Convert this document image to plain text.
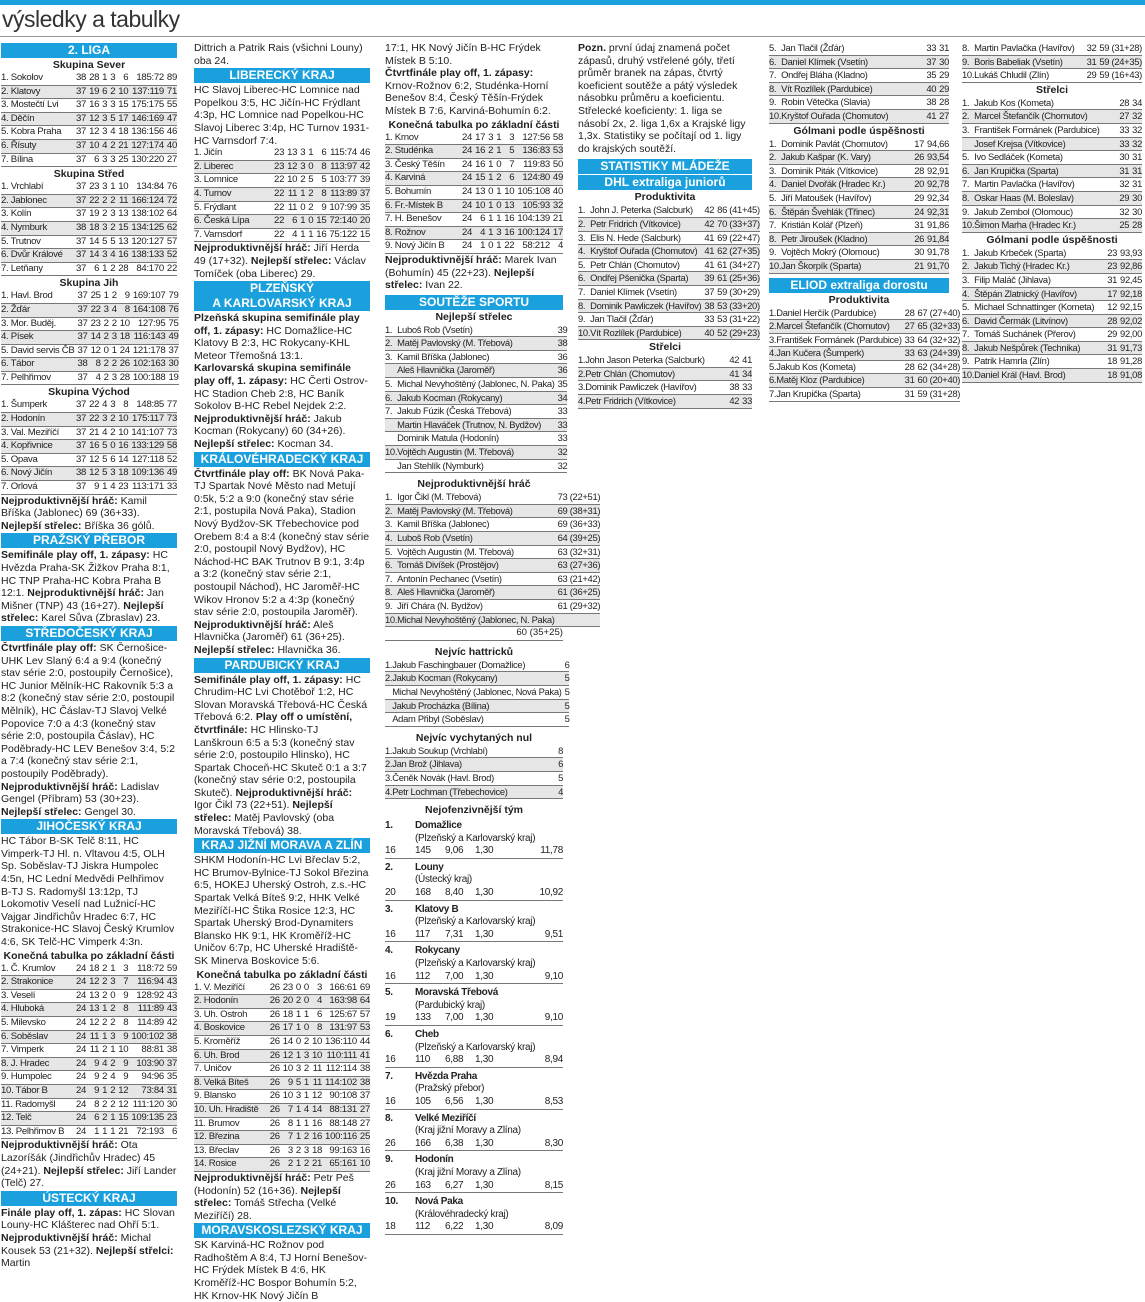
výsledky a tabulky
2. LIGA
Skupina Sever
1. Sokolov	38	28	1	3	6	185:72	89
2. Klatovy	37	19	6	2	10	137:119	71
3. Mostečtí Lvi	37	16	3	3	15	175:175	55
4. Děčín	37	12	3	5	17	146:169	47
5. Kobra Praha	37	12	3	4	18	136:156	46
6. Řísuty	37	10	4	2	21	127:174	40
7. Bílina	37	6	3	3	25	130:220	27
Skupina Střed
1. Vrchlabí	37	23	3	1	10	134:84	76
2. Jablonec	37	22	2	2	11	166:124	72
3. Kolín	37	19	2	3	13	138:102	64
4. Nymburk	38	18	3	2	15	134:125	62
5. Trutnov	37	14	5	5	13	120:127	57
6. Dvůr Králové	37	14	3	4	16	138:133	52
7. Letňany	37	6	1	2	28	84:170	22
Skupina Jih
1. Havl. Brod	37	25	1	2	9	169:107	79
2. Žďár	37	22	3	4	8	164:108	76
3. Mor. Buděj.	37	23	2	2	10	127:95	75
4. Písek	37	14	2	3	18	116:143	49
5. David servis ČB	37	12	0	1	24	121:178	37
6. Tábor	38	8	2	2	26	102:163	30
7. Pelhřimov	37	4	2	3	28	100:188	19
Skupina Východ
1. Šumperk	37	22	4	3	8	148:85	77
2. Hodonín	37	22	3	2	10	175:117	73
3. Val. Meziříčí	37	21	4	2	10	141:107	73
4. Kopřivnice	37	16	5	0	16	133:129	58
5. Opava	37	12	5	6	14	127:118	52
6. Nový Jičín	38	12	5	3	18	109:136	49
7. Orlová	37	9	1	4	23	113:171	33

Nejproduktivnější hráč: Kamil Bříška (Jablonec) 69 (36+33). Nejlepší střelec: Bříška 36 gólů.

PRAŽSKÝ PŘEBOR

Semifinále play off, 1. zápasy: HC Hvězda Praha-SK Žižkov Praha 8:1, HC TNP Praha-HC Kobra Praha B 12:1. Nejproduktivnější hráč: Jan Mišner (TNP) 43 (16+27). Nejlepší střelec: Karel Sůva (Zbraslav) 23.

STŘEDOČESKÝ KRAJ

Čtvrtfinále play off: SK Černošice-UHK Lev Slaný 6:4 a 9:4 (konečný stav série 2:0, postoupily Černošice), HC Junior Mělník-HC Rakovník 5:3 a 8:2 (konečný stav série 2:0, postoupil Mělník), HC Čáslav-TJ Slavoj Velké Popovice 7:0 a 4:3 (konečný stav série 2:0, postoupila Čáslav), HC Poděbrady-HC LEV Benešov 3:4, 5:2 a 7:4 (konečný stav série 2:1, postoupily Poděbrady). Nejproduktivnější hráč: Ladislav Gengel (Příbram) 53 (30+23). Nejlepší střelec: Gengel 30.

JIHOČESKÝ KRAJ

HC Tábor B-SK Telč 8:11, HC Vimperk-TJ Hl. n. Vltavou 4:5, OLH Sp. Soběslav-TJ Jiskra Humpolec 4:5n, HC Lední Medvědi Pelhřimov B-TJ S. Radomyšl 13:12p, TJ Lokomotiv Veselí nad Lužnicí-HC Vajgar Jindřichův Hradec 6:7, HC Strakonice-HC Slavoj Český Krumlov 4:6, SK Telč-HC Vimperk 4:3n.

Konečná tabulka po základní části
1. Č. Krumlov	24	18	2	1	3	118:72	59
2. Strakonice	24	12	2	3	7	116:94	43
3. Veselí	24	13	2	0	9	128:92	43
4. Hluboká	24	13	1	2	8	111:89	43
5. Milevsko	24	12	2	2	8	114:89	42
6. Soběslav	24	11	1	3	9	100:102	38
7. Vimperk	24	11	2	1	10	88:81	38
8. J. Hradec	24	9	4	2	9	103:90	37
9. Humpolec	24	9	2	4	9	94:96	35
10. Tábor B	24	9	1	2	12	73:84	31
11. Radomyšl	24	8	2	2	12	111:120	30
12. Telč	24	6	2	1	15	109:135	23
13. Pelhřimov B	24	1	1	1	21	72:193	6

Nejproduktivnější hráč: Ota Lazoríšák (Jindřichův Hradec) 45 (24+21). Nejlepší střelec: Jiří Lander (Telč) 27.

ÚSTECKÝ KRAJ

Finále play off, 1. zápas: HC Slovan Louny-HC Klášterec nad Ohří 5:1. Nejproduktivnější hráč: Michal Kousek 53 (21+32). Nejlepší střelci: Martin

Dittrich a Patrik Rais (všichni Louny) oba 24.

LIBERECKÝ KRAJ

HC Slavoj Liberec-HC Lomnice nad Popelkou 3:5, HC Jičín-HC Frýdlant 4:3p, HC Lomnice nad Popelkou-HC Slavoj Liberec 3:4p, HC Turnov 1931-HC Varnsdorf 7:4.

1. Jičín	23	13	3	1	6	115:74	46
2. Liberec	23	12	3	0	8	113:97	42
3. Lomnice	22	10	2	5	5	103:77	39
4. Turnov	22	11	1	2	8	113:89	37
5. Frýdlant	22	11	0	2	9	107:99	35
6. Česká Lípa	22	6	1	0	15	72:140	20
7. Varnsdorf	22	4	1	1	16	75:122	15

Nejproduktivnější hráč: Jiří Herda 49 (17+32). Nejlepší střelec: Václav Tomíček (oba Liberec) 29.

PLZEŇSKÝ
A KARLOVARSKÝ KRAJ

Plzeňská skupina semifinále play off, 1. zápasy: HC Domažlice-HC Klatovy B 2:3, HC Rokycany-KHL Meteor Třemošná 13:1.
Karlovarská skupina semifinále play off, 1. zápasy: HC Čerti Ostrov-HC Stadion Cheb 2:8, HC Baník Sokolov B-HC Rebel Nejdek 2:2.
Nejproduktivnější hráč: Jakub Kocman (Rokycany) 60 (34+26). Nejlepší střelec: Kocman 34.

KRÁLOVÉHRADECKÝ KRAJ

Čtvrtfinále play off: BK Nová Paka-TJ Spartak Nové Město nad Metují 0:5k, 5:2 a 9:0 (konečný stav série 2:1, postupila Nová Paka), Stadion Nový Bydžov-SK Třebechovice pod Orebem 8:4 a 8:4 (konečný stav série 2:0, postoupil Nový Bydžov), HC Náchod-HC BAK Trutnov B 9:1, 3:4p a 3:2 (konečný stav série 2:1, postoupil Náchod), HC Jaroměř-HC Wikov Hronov 5:2 a 4:3p (konečný stav série 2:0, postoupila Jaroměř). Nejproduktivnější hráč: Aleš Hlavnička (Jaroměř) 61 (36+25). Nejlepší střelec: Hlavnička 36.

PARDUBICKÝ KRAJ

Semifinále play off, 1. zápasy: HC Chrudim-HC Lvi Chotěboř 1:2, HC Slovan Moravská Třebová-HC Česká Třebová 6:2. Play off o umístění, čtvrtfinále: HC Hlinsko-TJ Lanškroun 6:5 a 5:3 (konečný stav série 2:0, postoupilo Hlinsko), HC Spartak Choceň-HC Skuteč 0:1 a 3:7 (konečný stav série 0:2, postoupila Skuteč). Nejproduktivnější hráč: Igor Čikl 73 (22+51). Nejlepší střelec: Matěj Pavlovský (oba Moravská Třebová) 38.

KRAJ JIŽNÍ MORAVA A ZLÍN

SHKM Hodonín-HC Lvi Břeclav 5:2, HC Brumov-Bylnice-TJ Sokol Březina 6:5, HOKEJ Uherský Ostroh, z.s.-HC Spartak Velká Bíteš 9:2, HHK Velké Meziříčí-HC Štika Rosice 12:3, HC Spartak Uherský Brod-Dynamiters Blansko HK 9:1, HK Kroměříž-HC Uničov 6:7p, HC Uherské Hradiště-SK Minerva Boskovice 5:6.

Konečná tabulka po základní části
1. V. Meziříčí	26	23	0	0	3	166:61	69
2. Hodonín	26	20	2	0	4	163:98	64
3. Uh. Ostroh	26	18	1	1	6	125:67	57
4. Boskovice	26	17	1	0	8	131:97	53
5. Kroměříž	26	14	0	2	10	136:110	44
6. Uh. Brod	26	12	1	3	10	110:111	41
7. Uničov	26	10	3	2	11	112:114	38
8. Velká Bíteš	26	9	5	1	11	114:102	38
9. Blansko	26	10	3	1	12	90:108	37
10. Uh. Hradiště	26	7	1	4	14	88:131	27
11. Brumov	26	8	1	1	16	88:148	27
12. Březina	26	7	1	2	16	100:116	25
13. Břeclav	26	3	2	3	18	99:163	16
14. Rosice	26	2	1	2	21	65:161	10

Nejproduktivnější hráč: Petr Peš (Hodonín) 52 (16+36). Nejlepší střelec: Tomáš Střecha (Velké Meziříčí) 28.

MORAVSKOSLEZSKÝ KRAJ

SK Karviná-HC Rožnov pod Radhoštěm A 8:4, TJ Horní Benešov-HC Frýdek Místek B 4:6, HK Kroměříž-HC Bospor Bohumín 5:2, HK Krnov-HK Nový Jičín B

17:1, HK Nový Jičín B-HC Frýdek Místek B 5:10.

Čtvrtfinále play off, 1. zápasy: Krnov-Rožnov 6:2, Studénka-Horní Benešov 8:4, Český Těšín-Frýdek Místek B 7:6, Karviná-Bohumín 6:2.

Konečná tabulka po základní části
1. Krnov	24	17	3	1	3	127:56	58
2. Studénka	24	16	2	1	5	136:83	53
3. Český Těšín	24	16	1	0	7	119:83	50
4. Karviná	24	15	1	2	6	124:80	49
5. Bohumín	24	13	0	1	10	105:108	40
6. Fr.-Místek B	24	10	1	0	13	105:93	32
7. H. Benešov	24	6	1	1	16	104:139	21
8. Rožnov	24	4	1	3	16	100:124	17
9. Nový Jičín B	24	1	0	1	22	58:212	4

Nejproduktivnější hráč: Marek Ivan (Bohumín) 45 (22+23). Nejlepší střelec: Ivan 22.

SOUTĚŽE SPORTU
Nejlepší střelec
1.	Luboš Rob (Vsetín)	39
2.	Matěj Pavlovský (M. Třebová)	38
3.	Kamil Bříška (Jablonec)	36
	Aleš Hlavnička (Jaroměř)	36
5.	Michal Nevyhoštěný (Jablonec, N. Paka)	35
6.	Jakub Kocman (Rokycany)	34
7.	Jakub Fúzik (Česká Třebová)	33
	Martin Hlaváček (Trutnov, N. Bydžov)	33
	Dominik Matula (Hodonín)	33
10.	Vojtěch Augustin (M. Třebová)	32
	Jan Stehlík (Nymburk)	32
Nejproduktivnější hráč
1.	Igor Čikl (M. Třebová)	73 (22+51)
2.	Matěj Pavlovský (M. Třebová)	69 (38+31)
3.	Kamil Bříška (Jablonec)	69 (36+33)
4.	Luboš Rob (Vsetín)	64 (39+25)
5.	Vojtěch Augustin (M. Třebová)	63 (32+31)
6.	Tomáš Divíšek (Prostějov)	63 (27+36)
7.	Antonín Pechanec (Vsetín)	63 (21+42)
8.	Aleš Hlavnička (Jaroměř)	61 (36+25)
9.	Jiří Chára (N. Bydžov)	61 (29+32)
10.	Michal Nevyhoštěný (Jablonec, N. Paka)	
60 (35+25)
Nejvíc hattricků
1.	Jakub Faschingbauer (Domažlice)	6
2.	Jakub Kocman (Rokycany)	5
	Michal Nevyhoštěný (Jablonec, Nová Paka)	5
	Jakub Procházka (Bílina)	5
	Adam Přibyl (Soběslav)	5
Nejvíc vychytaných nul
1.	Jakub Soukup (Vrchlabí)	8
2.	Jan Brož (Jihlava)	6
3.	Čeněk Novák (Havl. Brod)	5
4.	Petr Lochman (Třebechovice)	4
Nejofenzivnější tým
1.	Domažlice			
	(Plzeňský a Karlovarský kraj)			
16	145	9,06	1,30	11,78
2.	Louny			
	(Ústecký kraj)			
20	168	8,40	1,30	10,92
3.	Klatovy B			
	(Plzeňský a Karlovarský kraj)			
16	117	7,31	1,30	9,51
4.	Rokycany			
	(Plzeňský a Karlovarský kraj)			
16	112	7,00	1,30	9,10
5.	Moravská Třebová			
	(Pardubický kraj)			
19	133	7,00	1,30	9,10
6.	Cheb			
	(Plzeňský a Karlovarský kraj)			
16	110	6,88	1,30	8,94
7.	Hvězda Praha			
	(Pražský přebor)			
16	105	6,56	1,30	8,53
8.	Velké Meziříčí			
	(Kraj jižní Moravy a Zlína)			
26	166	6,38	1,30	8,30
9.	Hodonín			
	(Kraj jižní Moravy a Zlína)			
26	163	6,27	1,30	8,15
10.	Nová Paka			
	(Královéhradecký kraj)			
18	112	6,22	1,30	8,09

Pozn. první údaj znamená počet zápasů, druhý vstřelené góly, třetí průměr branek na zápas, čtvrtý koeficient soutěže a pátý výsledek násobku průměru a koeficientu. Střelecké koeficienty: 1. liga se násobí 2x, 2. liga 1,6x a Krajské ligy 1,3x. Statistiky se počítají od 1. ligy do krajských soutěží.

STATISTIKY MLÁDEŽE
DHL extraliga juniorů
Produktivita
1.	John J. Peterka (Salcburk)	42	86 (41+45)
2.	Petr Fridrich (Vítkovice)	42	70 (33+37)
3.	Elis N. Hede (Salcburk)	41	69 (22+47)
4.	Kryštof Ouřada (Chomutov)	41	62 (27+35)
5.	Petr Chlán (Chomutov)	41	61 (34+27)
6.	Ondřej Pšenička (Sparta)	39	61 (25+36)
7.	Daniel Klímek (Vsetín)	37	59 (30+29)
8.	Dominik Pawliczek (Havířov)	38	53 (33+20)
9.	Jan Tlačil (Žďár)	33	53 (31+22)
10.	Vít Rozlílek (Pardubice)	40	52 (29+23)
Střelci
1.	John Jason Peterka (Salcburk)	42	41
2.	Petr Chlán (Chomutov)	41	34
3.	Dominik Pawliczek (Havířov)	38	33
4.	Petr Fridrich (Vítkovice)	42	33
5.	Jan Tlačil (Žďár)	33	31
6.	Daniel Klímek (Vsetín)	37	30
7.	Ondřej Bláha (Kladno)	35	29
8.	Vít Rozlílek (Pardubice)	40	29
9.	Robin Větečka (Slavia)	38	28
10.	Kryštof Ouřada (Chomutov)	41	27
Gólmani podle úspěšnosti
1.	Dominik Pavlát (Chomutov)	17	94,66
2.	Jakub Kašpar (K. Vary)	26	93,54
3.	Dominik Piták (Vítkovice)	28	92,91
4.	Daniel Dvořák (Hradec Kr.)	20	92,78
5.	Jiří Matoušek (Havířov)	29	92,34
6.	Štěpán Švehlák (Třinec)	24	92,31
7.	Kristián Kolář (Plzeň)	31	91,86
8.	Petr Jiroušek (Kladno)	26	91,84
9.	Vojtěch Mokrý (Olomouc)	30	91,78
10.	Jan Škorpík (Sparta)	21	91,70
ELIOD extraliga dorostu
Produktivita
1.	Daniel Herčík (Pardubice)	28	67 (27+40)
2.	Marcel Štefančík (Chomutov)	27	65 (32+33)
3.	František Formánek (Pardubice)	33	64 (32+32)
4.	Jan Kučera (Šumperk)	33	63 (24+39)
5.	Jakub Kos (Kometa)	28	62 (34+28)
6.	Matěj Kloz (Pardubice)	31	60 (20+40)
7.	Jan Krupička (Sparta)	31	59 (31+28)
8.	Martin Pavlačka (Havířov)	32	59 (31+28)
9.	Boris Babeliak (Vsetín)	31	59 (24+35)
10.	Lukáš Chludil (Zlín)	29	59 (16+43)
Střelci
1.	Jakub Kos (Kometa)	28	34
2.	Marcel Štefančík (Chomutov)	27	32
3.	František Formánek (Pardubice)	33	32
	Josef Krejsa (Vítkovice)	33	32
5.	Ivo Sedláček (Kometa)	30	31
6.	Jan Krupička (Sparta)	31	31
7.	Martin Pavlačka (Havířov)	32	31
8.	Oskar Haas (M. Boleslav)	29	30
9.	Jakub Zembol (Olomouc)	32	30
10.	Šimon Marha (Hradec Kr.)	25	28
Gólmani podle úspěšnosti
1.	Jakub Krbeček (Sparta)	23	93,93
2.	Jakub Tichý (Hradec Kr.)	23	92,86
3.	Filip Maláč (Jihlava)	31	92,45
4.	Štěpán Zlatnický (Havířov)	17	92,18
5.	Michael Schnattinger (Kometa)	12	92,15
6.	David Čermák (Litvínov)	28	92,02
7.	Tomáš Suchánek (Přerov)	29	92,00
8.	Jakub Nešpůrek (Technika)	31	91,73
9.	Patrik Hamrla (Zlín)	18	91,28
10.	Daniel Král (Havl. Brod)	18	91,08
